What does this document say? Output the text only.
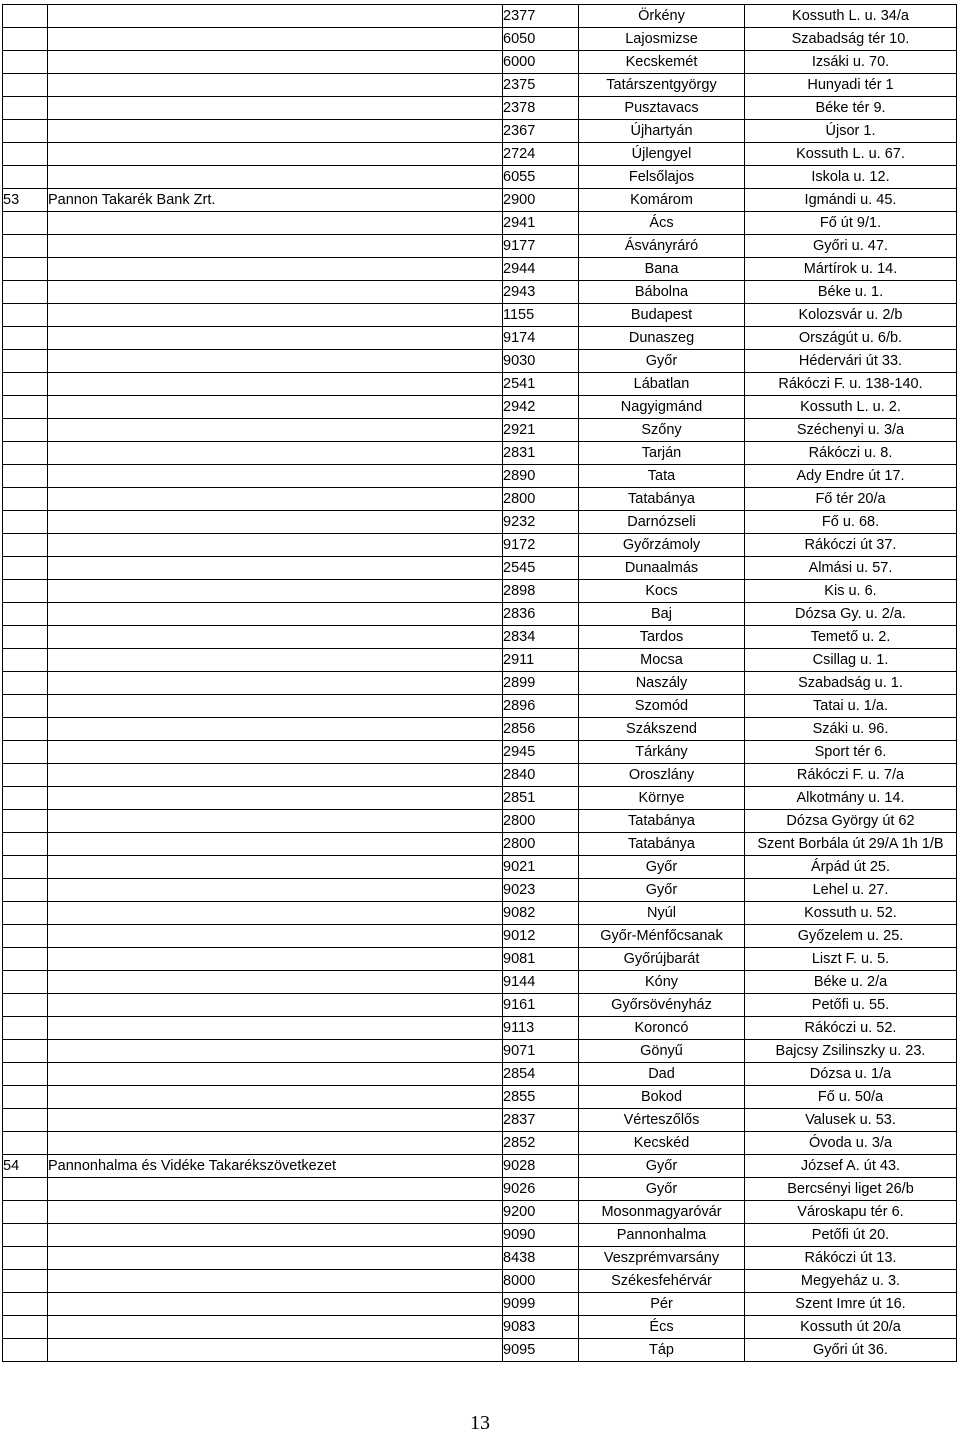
		2377	Örkény	Kossuth L. u. 34/a
		6050	Lajosmizse	Szabadság tér 10.
		6000	Kecskemét	Izsáki u. 70.
		2375	Tatárszentgyörgy	Hunyadi tér 1
		2378	Pusztavacs	Béke tér 9.
		2367	Újhartyán	Újsor 1.
		2724	Újlengyel	Kossuth L. u. 67.
		6055	Felsőlajos	Iskola u. 12.
53	Pannon Takarék Bank Zrt.	2900	Komárom	Igmándi u. 45.
		2941	Ács	Fő út 9/1.
		9177	Ásványráró	Győri u. 47.
		2944	Bana	Mártírok u. 14.
		2943	Bábolna	Béke u. 1.
		1155	Budapest	Kolozsvár u. 2/b
		9174	Dunaszeg	Országút u. 6/b.
		9030	Győr	Hédervári út 33.
		2541	Lábatlan	Rákóczi F. u. 138-140.
		2942	Nagyigmánd	Kossuth L. u. 2.
		2921	Szőny	Széchenyi u. 3/a
		2831	Tarján	Rákóczi u. 8.
		2890	Tata	Ady Endre út 17.
		2800	Tatabánya	Fő tér 20/a
		9232	Darnózseli	Fő u. 68.
		9172	Győrzámoly	Rákóczi út 37.
		2545	Dunaalmás	Almási u. 57.
		2898	Kocs	Kis u. 6.
		2836	Baj	Dózsa Gy. u. 2/a.
		2834	Tardos	Temető u. 2.
		2911	Mocsa	Csillag u. 1.
		2899	Naszály	Szabadság u. 1.
		2896	Szomód	Tatai u. 1/a.
		2856	Szákszend	Száki u. 96.
		2945	Tárkány	Sport tér 6.
		2840	Oroszlány	Rákóczi F. u. 7/a
		2851	Környe	Alkotmány u. 14.
		2800	Tatabánya	Dózsa György út 62
		2800	Tatabánya	Szent Borbála út 29/A 1h 1/B
		9021	Győr	Árpád út 25.
		9023	Győr	Lehel u. 27.
		9082	Nyúl	Kossuth u. 52.
		9012	Győr-Ménfőcsanak	Győzelem u. 25.
		9081	Győrújbarát	Liszt F. u. 5.
		9144	Kóny	Béke u. 2/a
		9161	Győrsövényház	Petőfi u. 55.
		9113	Koroncó	Rákóczi u. 52.
		9071	Gönyű	Bajcsy Zsilinszky u. 23.
		2854	Dad	Dózsa u. 1/a
		2855	Bokod	Fő u. 50/a
		2837	Vérteszőlős	Valusek u. 53.
		2852	Kecskéd	Óvoda u. 3/a
54	Pannonhalma és Vidéke Takarékszövetkezet	9028	Győr	József A. út 43.
		9026	Győr	Bercsényi liget 26/b
		9200	Mosonmagyaróvár	Városkapu tér 6.
		9090	Pannonhalma	Petőfi út 20.
		8438	Veszprémvarsány	Rákóczi út 13.
		8000	Székesfehérvár	Megyeház u. 3.
		9099	Pér	Szent Imre út 16.
		9083	Écs	Kossuth út 20/a
		9095	Táp	Győri út 36.
13
